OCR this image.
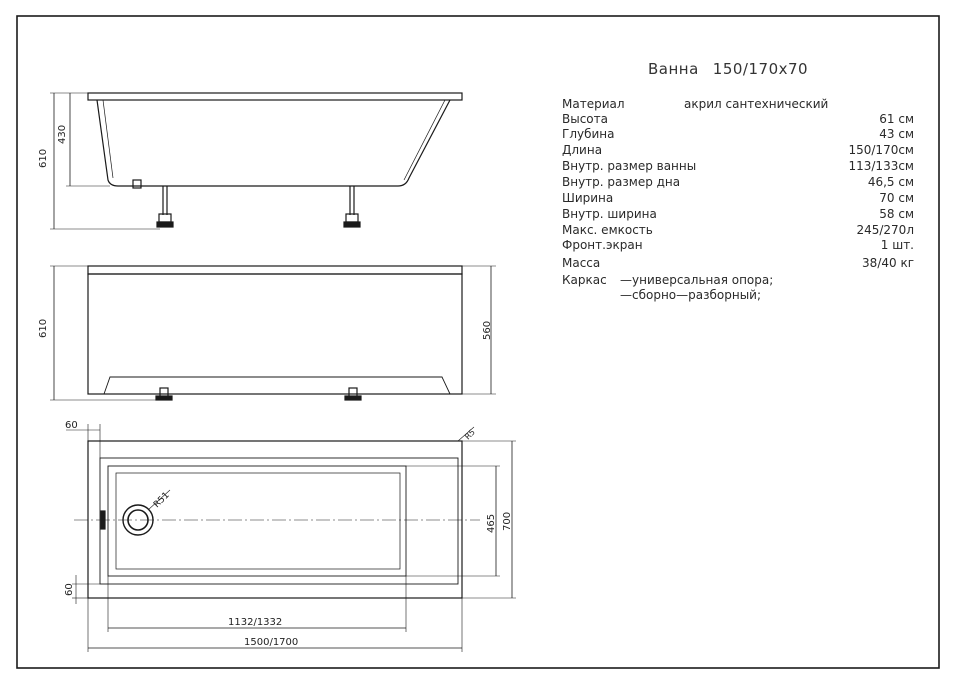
610
430
610	560
60
60
465 700
1132/1332
1500/1700
R51
R5
Ванна 150/170x70
Материал	акрил сантехнический
Высота	61 см
Глубина	43 см
Длина	150/170см
Внутр. размер ванны	113/133см
Внутр. размер дна	46,5 см
Ширина	70 см
Внутр. ширина	58 см
Макс. емкость	245/270л
Фронт.экран	1 шт.
Масса	38/40 кг
Каркас —универсальная опора;
—сборно—разборный;
